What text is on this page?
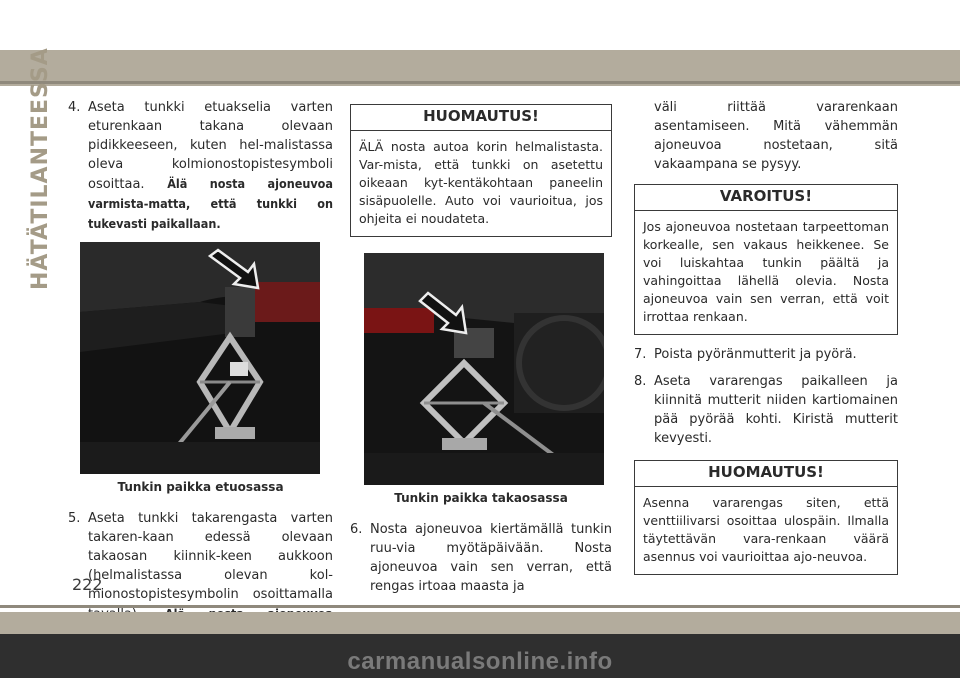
HÄTÄTILANTEESSA 4. Aseta tunkki etuakselia varten eturenkaan takana olevaan pidikkeeseen, kuten hel-malistassa oleva kolmionostopistesymboli osoittaa. Älä nosta ajoneuvoa varmista-matta, että tunkki on tukevasti paikallaan.
Tunkin paikka etuosassa
5. Aseta tunkki takarengasta varten takaren-kaan edessä olevaan takaosan kiinnik-keen aukkoon (helmalistassa olevan kol-mionostopistesymbolin osoittamalla
HUOMAUTUS!
ÄLÄ nosta autoa korin helmalistasta. Var-mista, että tunkki on asetettu oikeaan kyt-kentäkohtaan paneelin sisäpuolelle. Auto voi vaurioitua, jos ohjeita ei noudateta.
Tunkin paikka takaosassa
6. Nosta ajoneuvoa kiertämällä tunkin ruu-via myötäpäivään. Nosta ajoneuvoa vain sen verran, että rengas irtoaa maasta ja
väli riittää vararenkaan asentamiseen. Mitä vähemmän ajoneuvoa nostetaan, sitä vakaampana se pysyy.
VAROITUS!
Jos ajoneuvoa nostetaan tarpeettoman korkealle, sen vakaus heikkenee. Se voi luiskahtaa tunkin päältä ja vahingoittaa lähellä olevia. Nosta ajoneuvoa vain sen verran, että voit irrottaa renkaan.
7. Poista pyöränmutterit ja pyörä.
8. Aseta vararengas paikalleen ja kiinnitä mutterit niiden kartiomainen pää pyörää kohti. Kiristä mutterit kevyesti.
HUOMAUTUS!
Asenna vararengas siten, että venttiilivarsi osoittaa ulospäin. Ilmalla täytettävän vara-renkaan väärä asennus voi vaurioittaa ajo-neuvoa.
222
carmanualsonline.info
